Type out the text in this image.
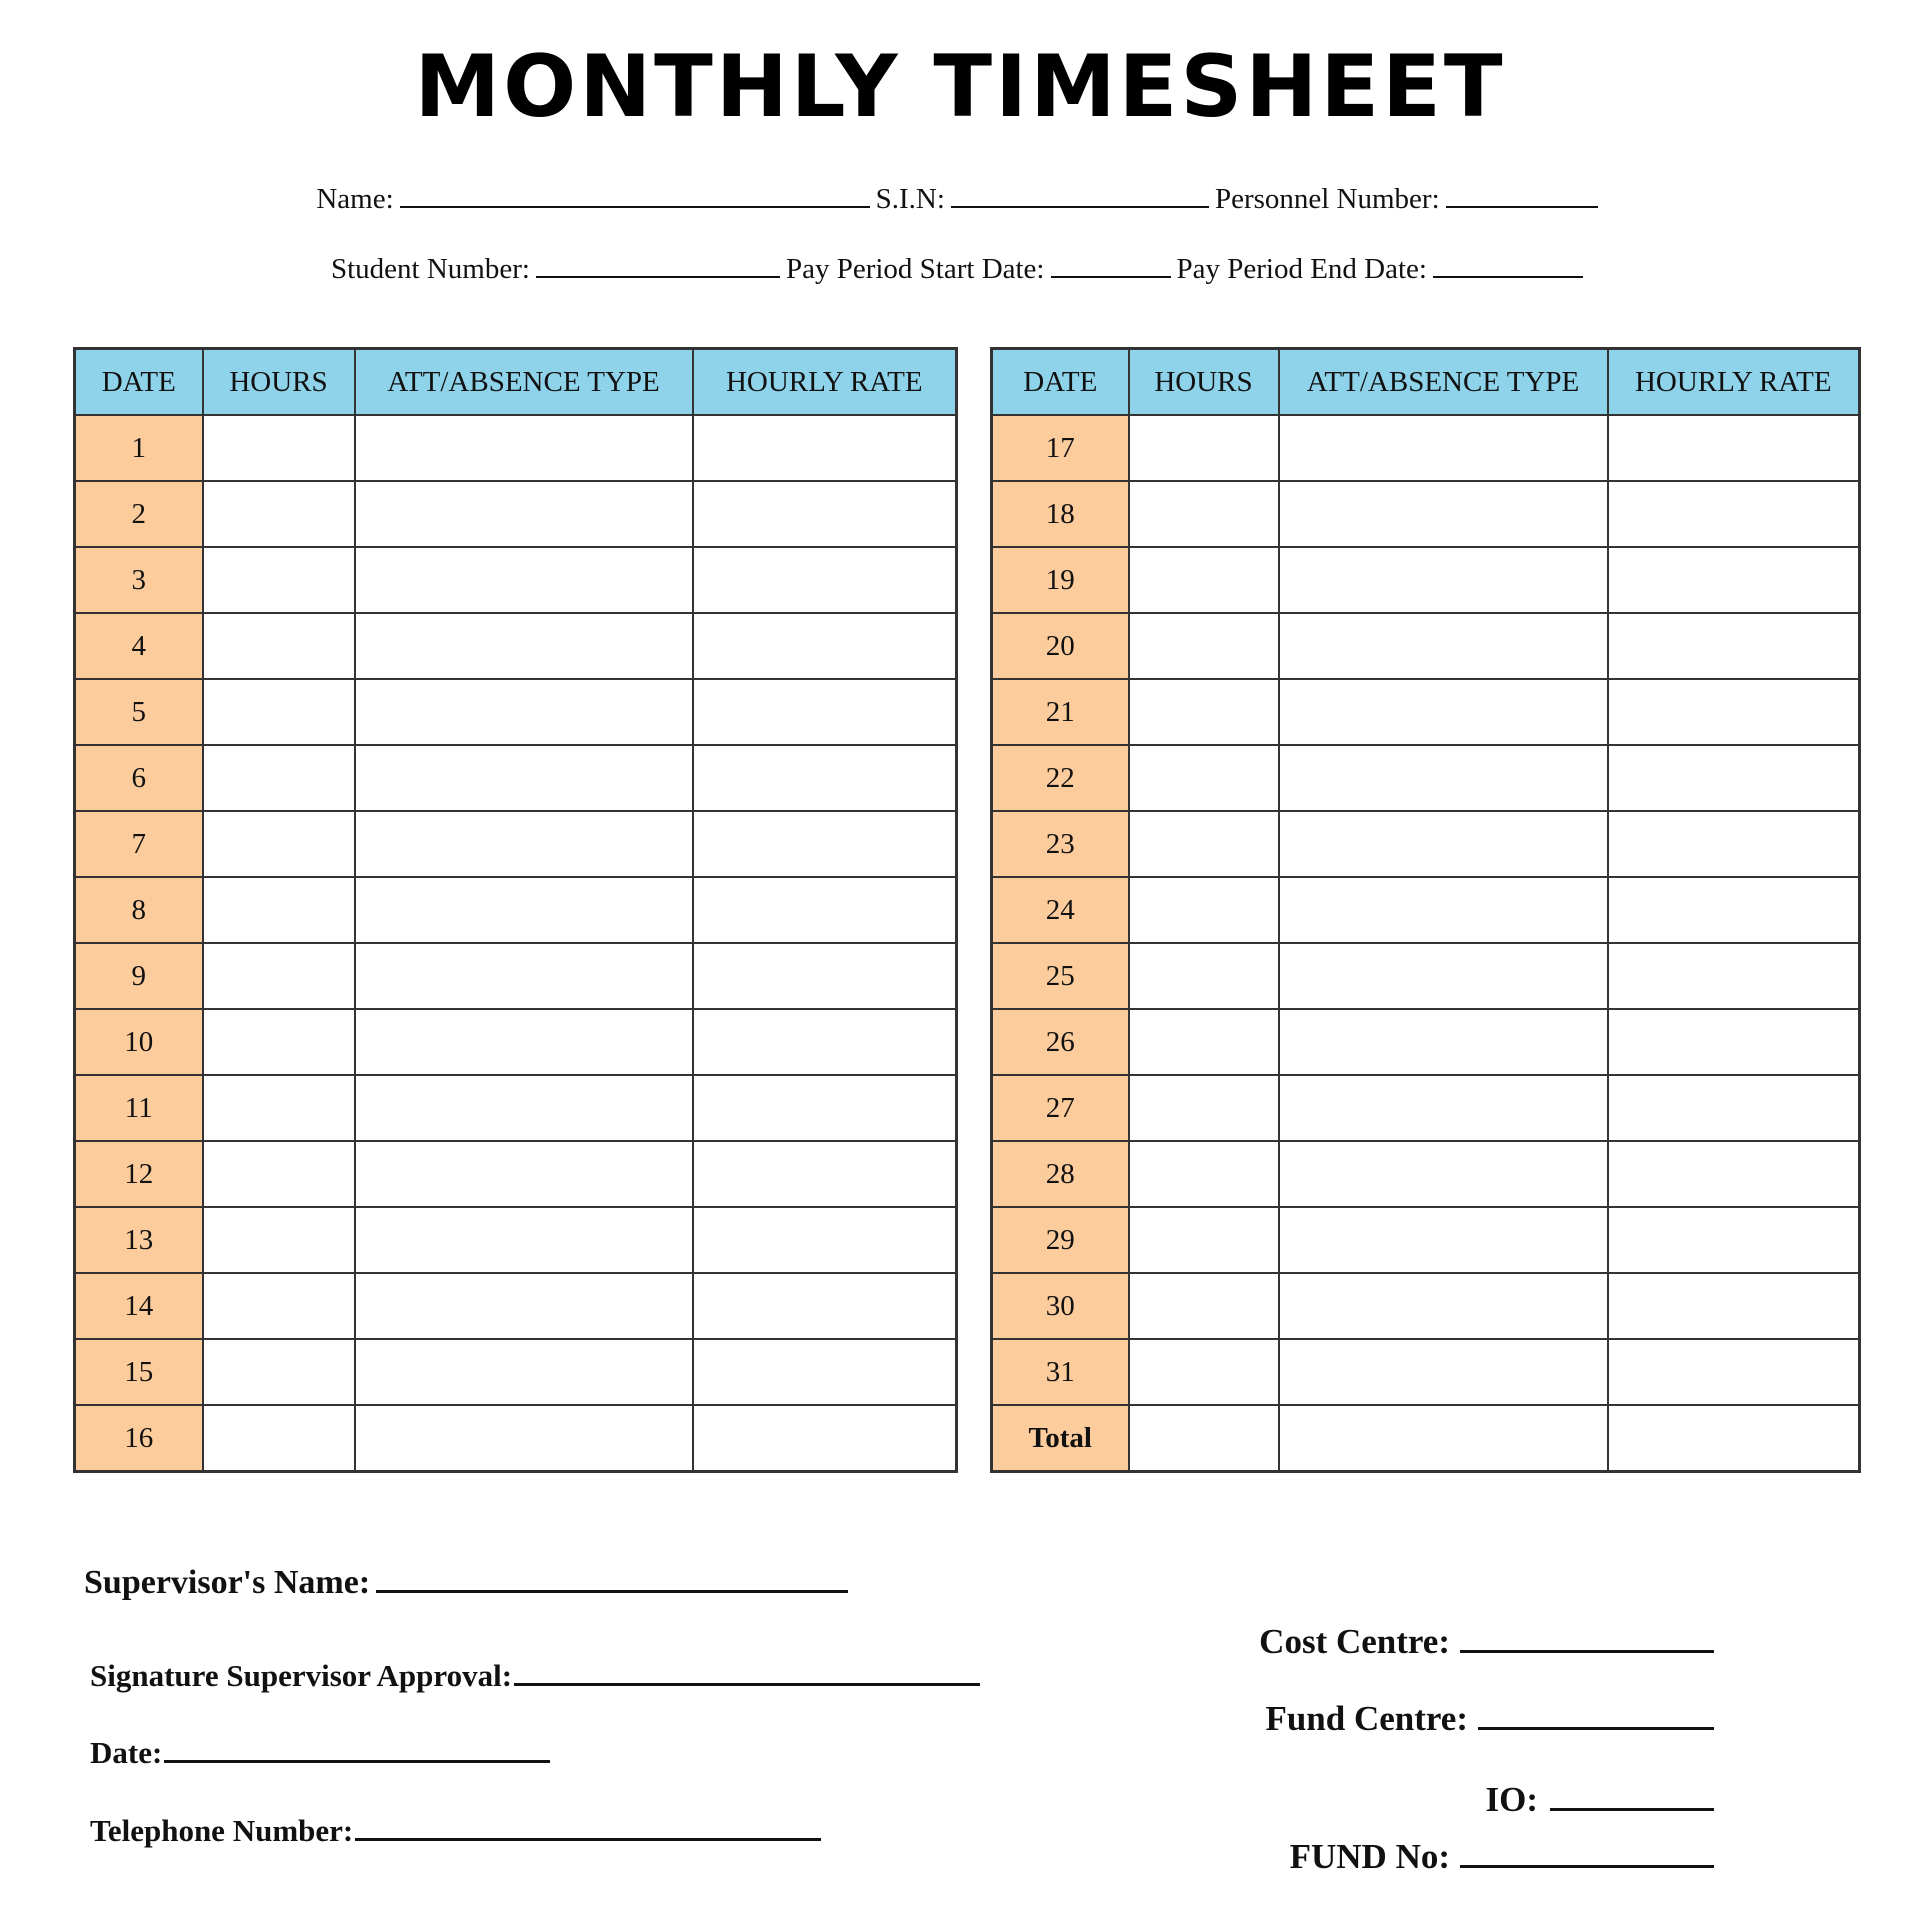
MONTHLY TIMESHEET
Name:	S.I.N:	Personnel Number:
Student Number:	Pay Period Start Date:	Pay Period End Date:
DATE	HOURS	ATT/ABSENCE TYPE	HOURLY RATE
1			
2			
3			
4			
5			
6			
7			
8			
9			
10			
11			
12			
13			
14			
15			
16			
DATE	HOURS	ATT/ABSENCE TYPE	HOURLY RATE
17			
18			
19			
20			
21			
22			
23			
24			
25			
26			
27			
28			
29			
30			
31			
Total			
Supervisor's Name:
Signature Supervisor Approval:
Date:
Telephone Number:
Cost Centre:
Fund Centre:
IO:
FUND No:
